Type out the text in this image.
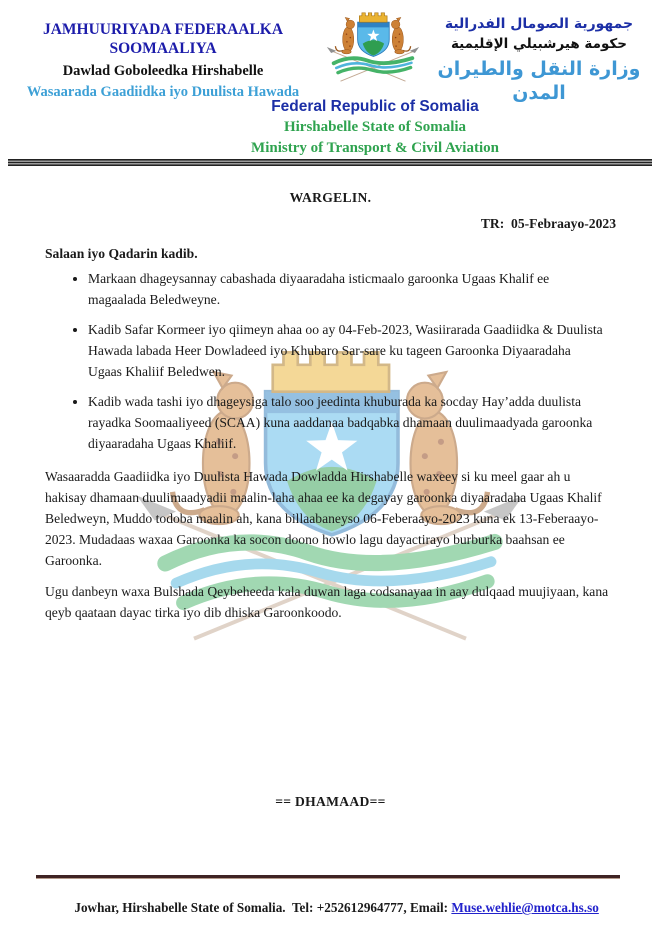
JAMHUURIYADA FEDERAALKA SOOMAALIYA
Dawlad Goboleedka Hirshabelle
Wasaarada Gaadiidka iyo Duulista Hawada
جمهورية الصومال الفدرالية
حكومة هيرشبيلي الإقليمية
وزارة النقل والطيران المدن
Federal Republic of Somalia
Hirshabelle State of Somalia
Ministry of Transport & Civil Aviation
WARGELIN.
TR:  05-Febraayo-2023
Salaan iyo Qadarin kadib.
• Markaan dhageysannay cabashada diyaaradaha isticmaalo garoonka Ugaas Khalif ee magaalada Beledweyne.
• Kadib Safar Kormeer iyo qiimeyn ahaa oo ay 04-Feb-2023, Wasiirarada Gaadiidka & Duulista Hawada labada Heer Dowladeed iyo Khubaro Sar-sare ku tageen Garoonka Diyaaradaha Ugaas Khaliif Beledwen.
• Kadib wada tashi iyo dhageysiga talo soo jeedinta khuburada ka socday Hay’adda duulista rayadka Soomaaliyeed (SCAA) kuna aaddanaa badqabka dhamaan duulimaadyada garoonka diyaaradaha Ugaas Khaliif.

Wasaaradda Gaadiidka iyo Duulista Hawada Dowladda Hirshabelle waxeey si ku meel gaar ah u hakisay dhamaan duulimaadyadii maalin-laha ahaa ee ka degayay garoonka diyaaradaha Ugaas Khalif Beledweyn, Muddo todoba maalin ah, kana billaabaneyso 06-Feberaayo-2023 kuna ek 13-Feberaayo-2023. Mudadaas waxaa Garoonka ka socon doono howlo lagu dayactirayo burburka baahsan ee Garoonka.

Ugu danbeyn waxa Bulshada Qeybeheeda kala duwan laga codsanayaa in aay dulqaad muujiyaan, kana qeyb qaataan dayac tirka iyo dib dhiska Garoonkoodo.

== DHAMAAD==

Jowhar, Hirshabelle State of Somalia.  Tel: +252612964777, Email: Muse.wehlie@motca.hs.so
